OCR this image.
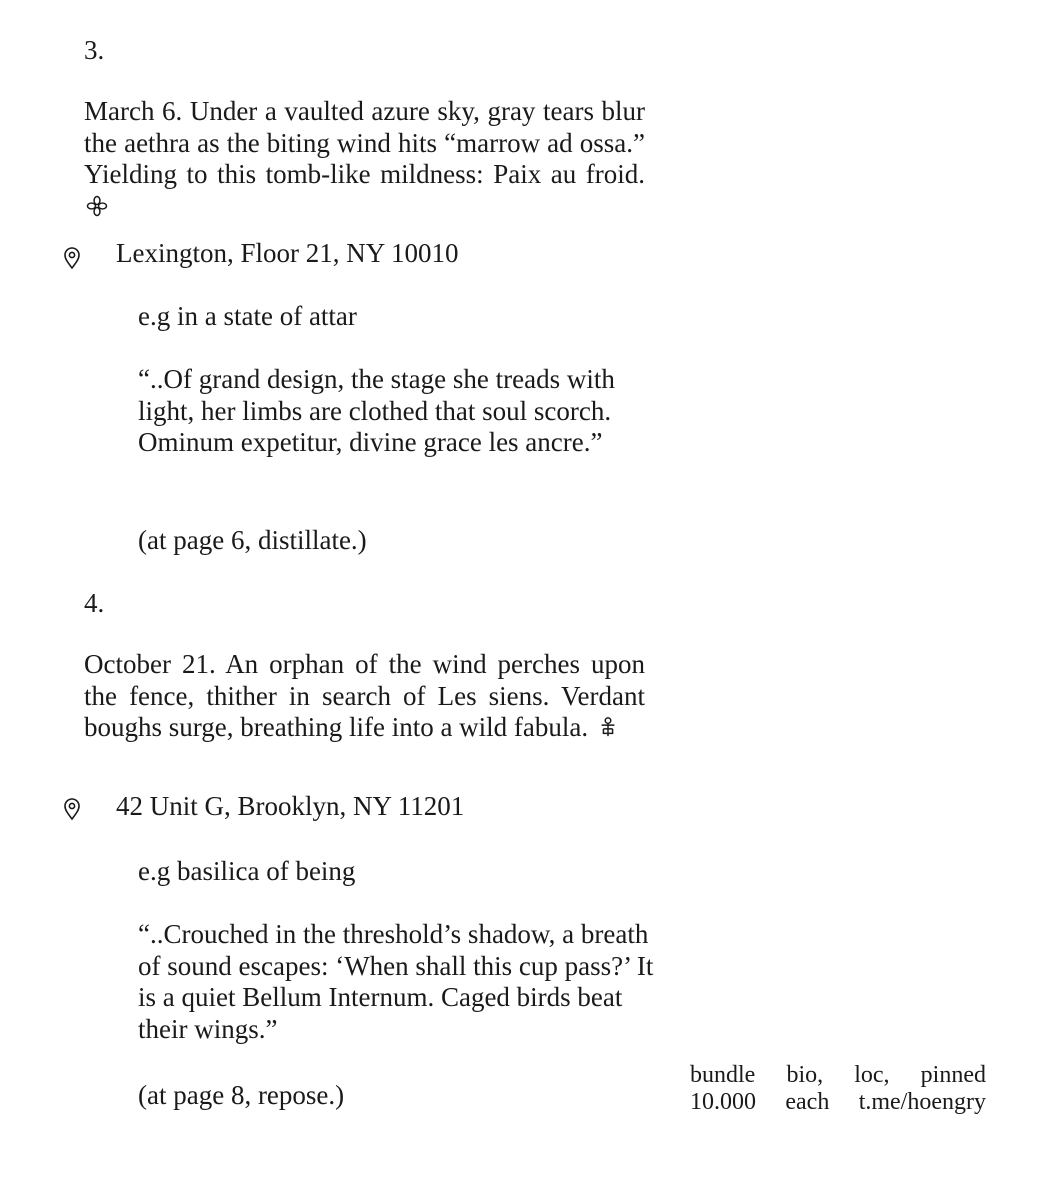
3.
March 6. Under a vaulted azure sky, gray tears blur the aethra as the biting wind hits “marrow ad ossa.” Yielding to this tomb-like mildness: Paix au froid.
Lexington, Floor 21, NY 10010
e.g in a state of attar
“..Of grand design, the stage she treads with light, her limbs are clothed that soul scorch. Ominum expetitur, divine grace les ancre.”
(at page 6, distillate.)
4.
October 21. An orphan of the wind perches upon the fence, thither in search of Les siens. Verdant boughs surge, breathing life into a wild fabula.
42 Unit G, Brooklyn, NY 11201
e.g basilica of being
“..Crouched in the threshold’s shadow, a breath of sound escapes: ‘When shall this cup pass?’ It is a quiet Bellum Internum. Caged birds beat their wings.”
(at page 8, repose.)
bundle bio, loc, pinned
10.000 each t.me/hoengry
